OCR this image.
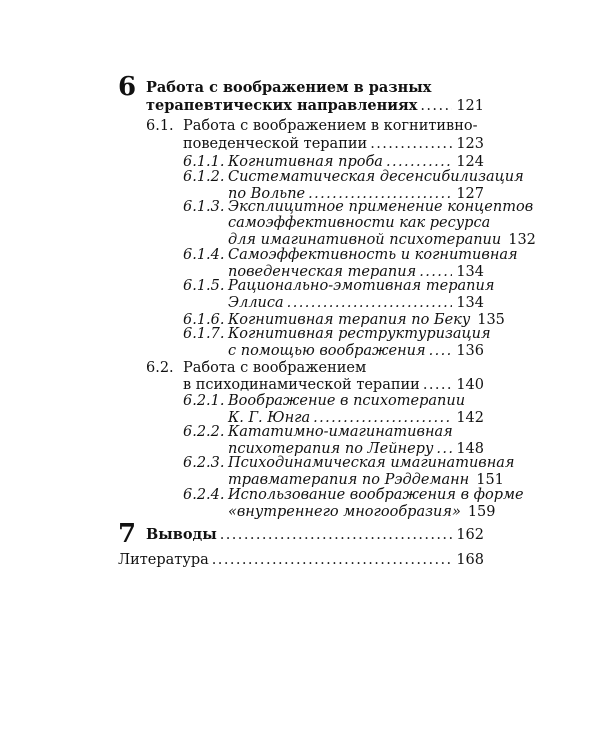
6 Работа с воображением в разных
терапевтических направлениях . . .	121
6.1. Работа с воображением в когнитивно-
поведенческой терапии . . .	123
6.1.1. Когнитивная проба . . .	124
6.1.2. Систематическая десенсибилизация
по Вольпе . . .	127
6.1.3. Эксплицитное применение концептов
самоэффективности как ресурса
для имагинативной психотерапии 132
6.1.4. Самоэффективность и когнитивная
поведенческая терапия . . .	134
6.1.5. Рационально-эмотивная терапия
Эллиса . . .	134
6.1.6. Когнитивная терапия по Беку 135
6.1.7. Когнитивная реструктуризация
с помощью воображения . . . 136
6.2. Работа с воображением
в психодинамической терапии . . .	140
6.2.1. Воображение в психотерапии
К. Г. Юнга . . .	142
6.2.2. Кататимно-имагинативная
психотерапия по Лейнеру . . . 148
6.2.3. Психодинамическая имагинативная
травматерапия по Рэддеманн 151
6.2.4. Использование воображения в форме
«внутреннего многообразия» 159
7 Выводы . . .	162
Литература . . .	168
